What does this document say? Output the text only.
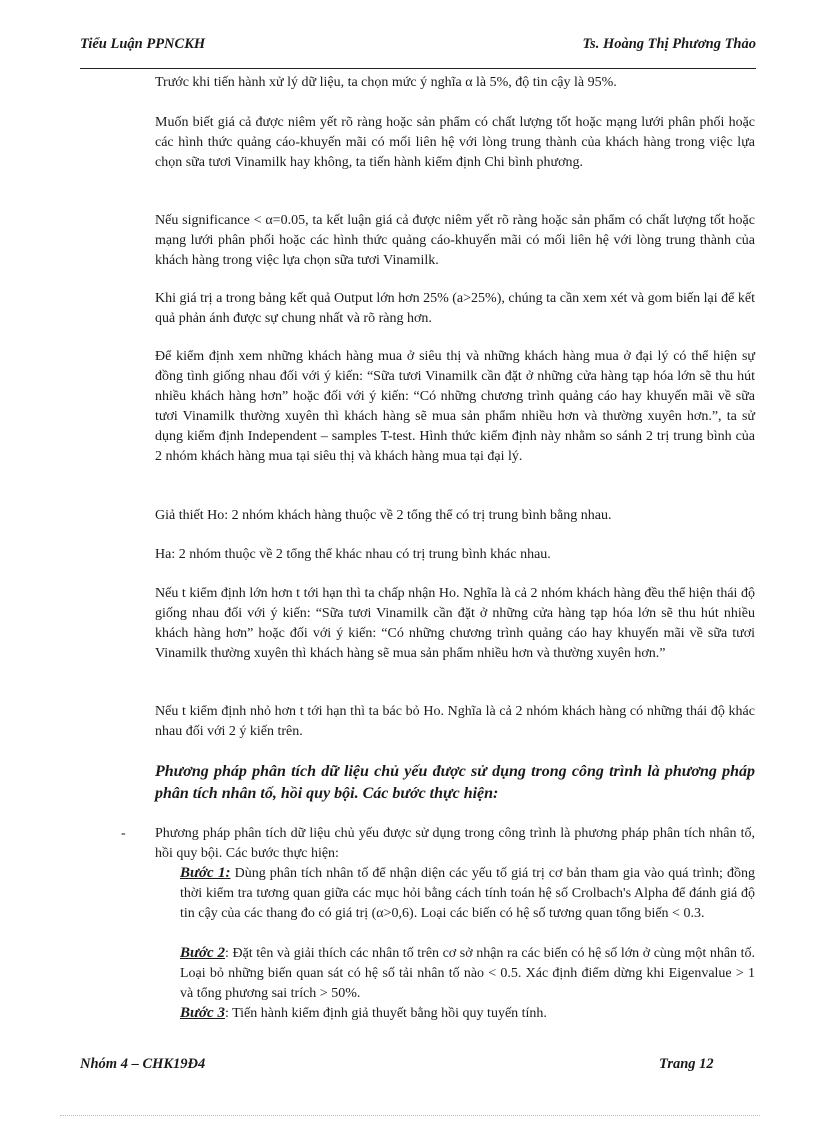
Tiểu Luận PPNCKH	Ts. Hoàng Thị Phương Thảo
Trước khi tiến hành xử lý dữ liệu, ta chọn mức ý nghĩa α là 5%, độ tin cậy là 95%.
Muốn biết giá cả được niêm yết rõ ràng hoặc sản phẩm có chất lượng tốt hoặc mạng lưới phân phối hoặc các hình thức quảng cáo-khuyến mãi có mối liên hệ với lòng trung thành của khách hàng trong việc lựa chọn sữa tươi Vinamilk hay không, ta tiến hành kiểm định Chi bình phương.
Nếu significance < α=0.05, ta kết luận giá cả được niêm yết rõ ràng hoặc sản phẩm có chất lượng tốt hoặc mạng lưới phân phối hoặc các hình thức quảng cáo-khuyến mãi có mối liên hệ với lòng trung thành của khách hàng trong việc lựa chọn sữa tươi Vinamilk.
Khi giá trị a trong bảng kết quả Output lớn hơn 25% (a>25%), chúng ta cần xem xét và gom biến lại để kết quả phản ánh được sự chung nhất và rõ ràng hơn.
Để kiểm định xem những khách hàng mua ở siêu thị và những khách hàng mua ở đại lý có thể hiện sự đồng tình giống nhau đối với ý kiến: “Sữa tươi Vinamilk cần đặt ở những cửa hàng tạp hóa lớn sẽ thu hút nhiều khách hàng hơn” hoặc đối với ý kiến: “Có những chương trình quảng cáo hay khuyến mãi về sữa tươi Vinamilk thường xuyên thì khách hàng sẽ mua sản phẩm nhiều hơn và thường xuyên hơn.”, ta sử dụng kiểm định Independent – samples T-test. Hình thức kiểm định này nhằm so sánh 2 trị trung bình của 2 nhóm khách hàng mua tại siêu thị và khách hàng mua tại đại lý.
Giả thiết Ho: 2 nhóm khách hàng thuộc về 2 tổng thể có trị trung bình bằng nhau.
Ha: 2 nhóm thuộc về 2 tổng thể khác nhau có trị trung bình khác nhau.
Nếu t kiểm định lớn hơn t tới hạn thì ta chấp nhận Ho. Nghĩa là cả 2 nhóm khách hàng đều thể hiện thái độ giống nhau đối với ý kiến: “Sữa tươi Vinamilk cần đặt ở những cửa hàng tạp hóa lớn sẽ thu hút nhiều khách hàng hơn” hoặc đối với ý kiến: “Có những chương trình quảng cáo hay khuyến mãi về sữa tươi Vinamilk thường xuyên thì khách hàng sẽ mua sản phẩm nhiều hơn và thường xuyên hơn.”
Nếu t kiểm định nhỏ hơn t tới hạn thì ta bác bỏ Ho. Nghĩa là cả 2 nhóm khách hàng có những thái độ khác nhau đối với 2 ý kiến trên.
Phương pháp phân tích dữ liệu chủ yếu được sử dụng trong công trình là phương pháp phân tích nhân tố, hồi quy bội. Các bước thực hiện:
- Phương pháp phân tích dữ liệu chủ yếu được sử dụng trong công trình là phương pháp phân tích nhân tố, hồi quy bội. Các bước thực hiện:
Bước 1: Dùng phân tích nhân tố để nhận diện các yếu tố giá trị cơ bản tham gia vào quá trình; đồng thời kiểm tra tương quan giữa các mục hỏi bằng cách tính toán hệ số Crolbach's Alpha để đánh giá độ tin cậy của các thang đo có giá trị (α>0,6). Loại các biến có hệ số tương quan tổng biến < 0.3.
Bước 2: Đặt tên và giải thích các nhân tố trên cơ sở nhận ra các biến có hệ số lớn ở cùng một nhân tố. Loại bỏ những biến quan sát có hệ số tải nhân tố nào < 0.5. Xác định điểm dừng khi Eigenvalue > 1 và tổng phương sai trích > 50%.
Bước 3: Tiến hành kiểm định giả thuyết bằng hồi quy tuyến tính.
Nhóm 4 – CHK19Đ4	Trang 12
